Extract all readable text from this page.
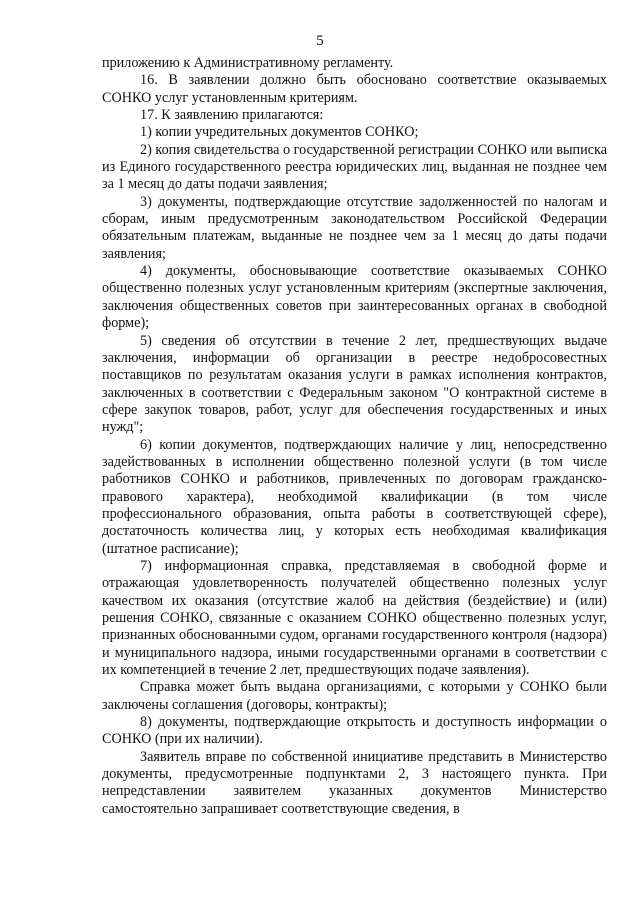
5

приложению к Административному регламенту.

16. В заявлении должно быть обосновано соответствие оказываемых СОНКО услуг установленным критериям.

17. К заявлению прилагаются:

1) копии учредительных документов СОНКО;

2) копия свидетельства о государственной регистрации СОНКО или выписка из Единого государственного реестра юридических лиц, выданная не позднее чем за 1 месяц до даты подачи заявления;

3) документы, подтверждающие отсутствие задолженностей по налогам и сборам, иным предусмотренным законодательством Российской Федерации обязательным платежам, выданные не позднее чем за 1 месяц до даты подачи заявления;

4) документы, обосновывающие соответствие оказываемых СОНКО общественно полезных услуг установленным критериям (экспертные заключения, заключения общественных советов при заинтересованных органах в свободной форме);

5) сведения об отсутствии в течение 2 лет, предшествующих выдаче заключения, информации об организации в реестре недобросовестных поставщиков по результатам оказания услуги в рамках исполнения контрактов, заключенных в соответствии с Федеральным законом "О контрактной системе в сфере закупок товаров, работ, услуг для обеспечения государственных и иных нужд";

6) копии документов, подтверждающих наличие у лиц, непосредственно задействованных в исполнении общественно полезной услуги (в том числе работников СОНКО и работников, привлеченных по договорам гражданско-правового характера), необходимой квалификации (в том числе профессионального образования, опыта работы в соответствующей сфере), достаточность количества лиц, у которых есть необходимая квалификация (штатное расписание);

7) информационная справка, представляемая в свободной форме и отражающая удовлетворенность получателей общественно полезных услуг качеством их оказания (отсутствие жалоб на действия (бездействие) и (или) решения СОНКО, связанные с оказанием СОНКО общественно полезных услуг, признанных обоснованными судом, органами государственного контроля (надзора) и муниципального надзора, иными государственными органами в соответствии с их компетенцией в течение 2 лет, предшествующих подаче заявления).

Справка может быть выдана организациями, с которыми у СОНКО были заключены соглашения (договоры, контракты);

8) документы, подтверждающие открытость и доступность информации о СОНКО (при их наличии).

Заявитель вправе по собственной инициативе представить в Министерство документы, предусмотренные подпунктами 2, 3 настоящего пункта. При непредставлении заявителем указанных документов Министерство самостоятельно запрашивает соответствующие сведения, в
